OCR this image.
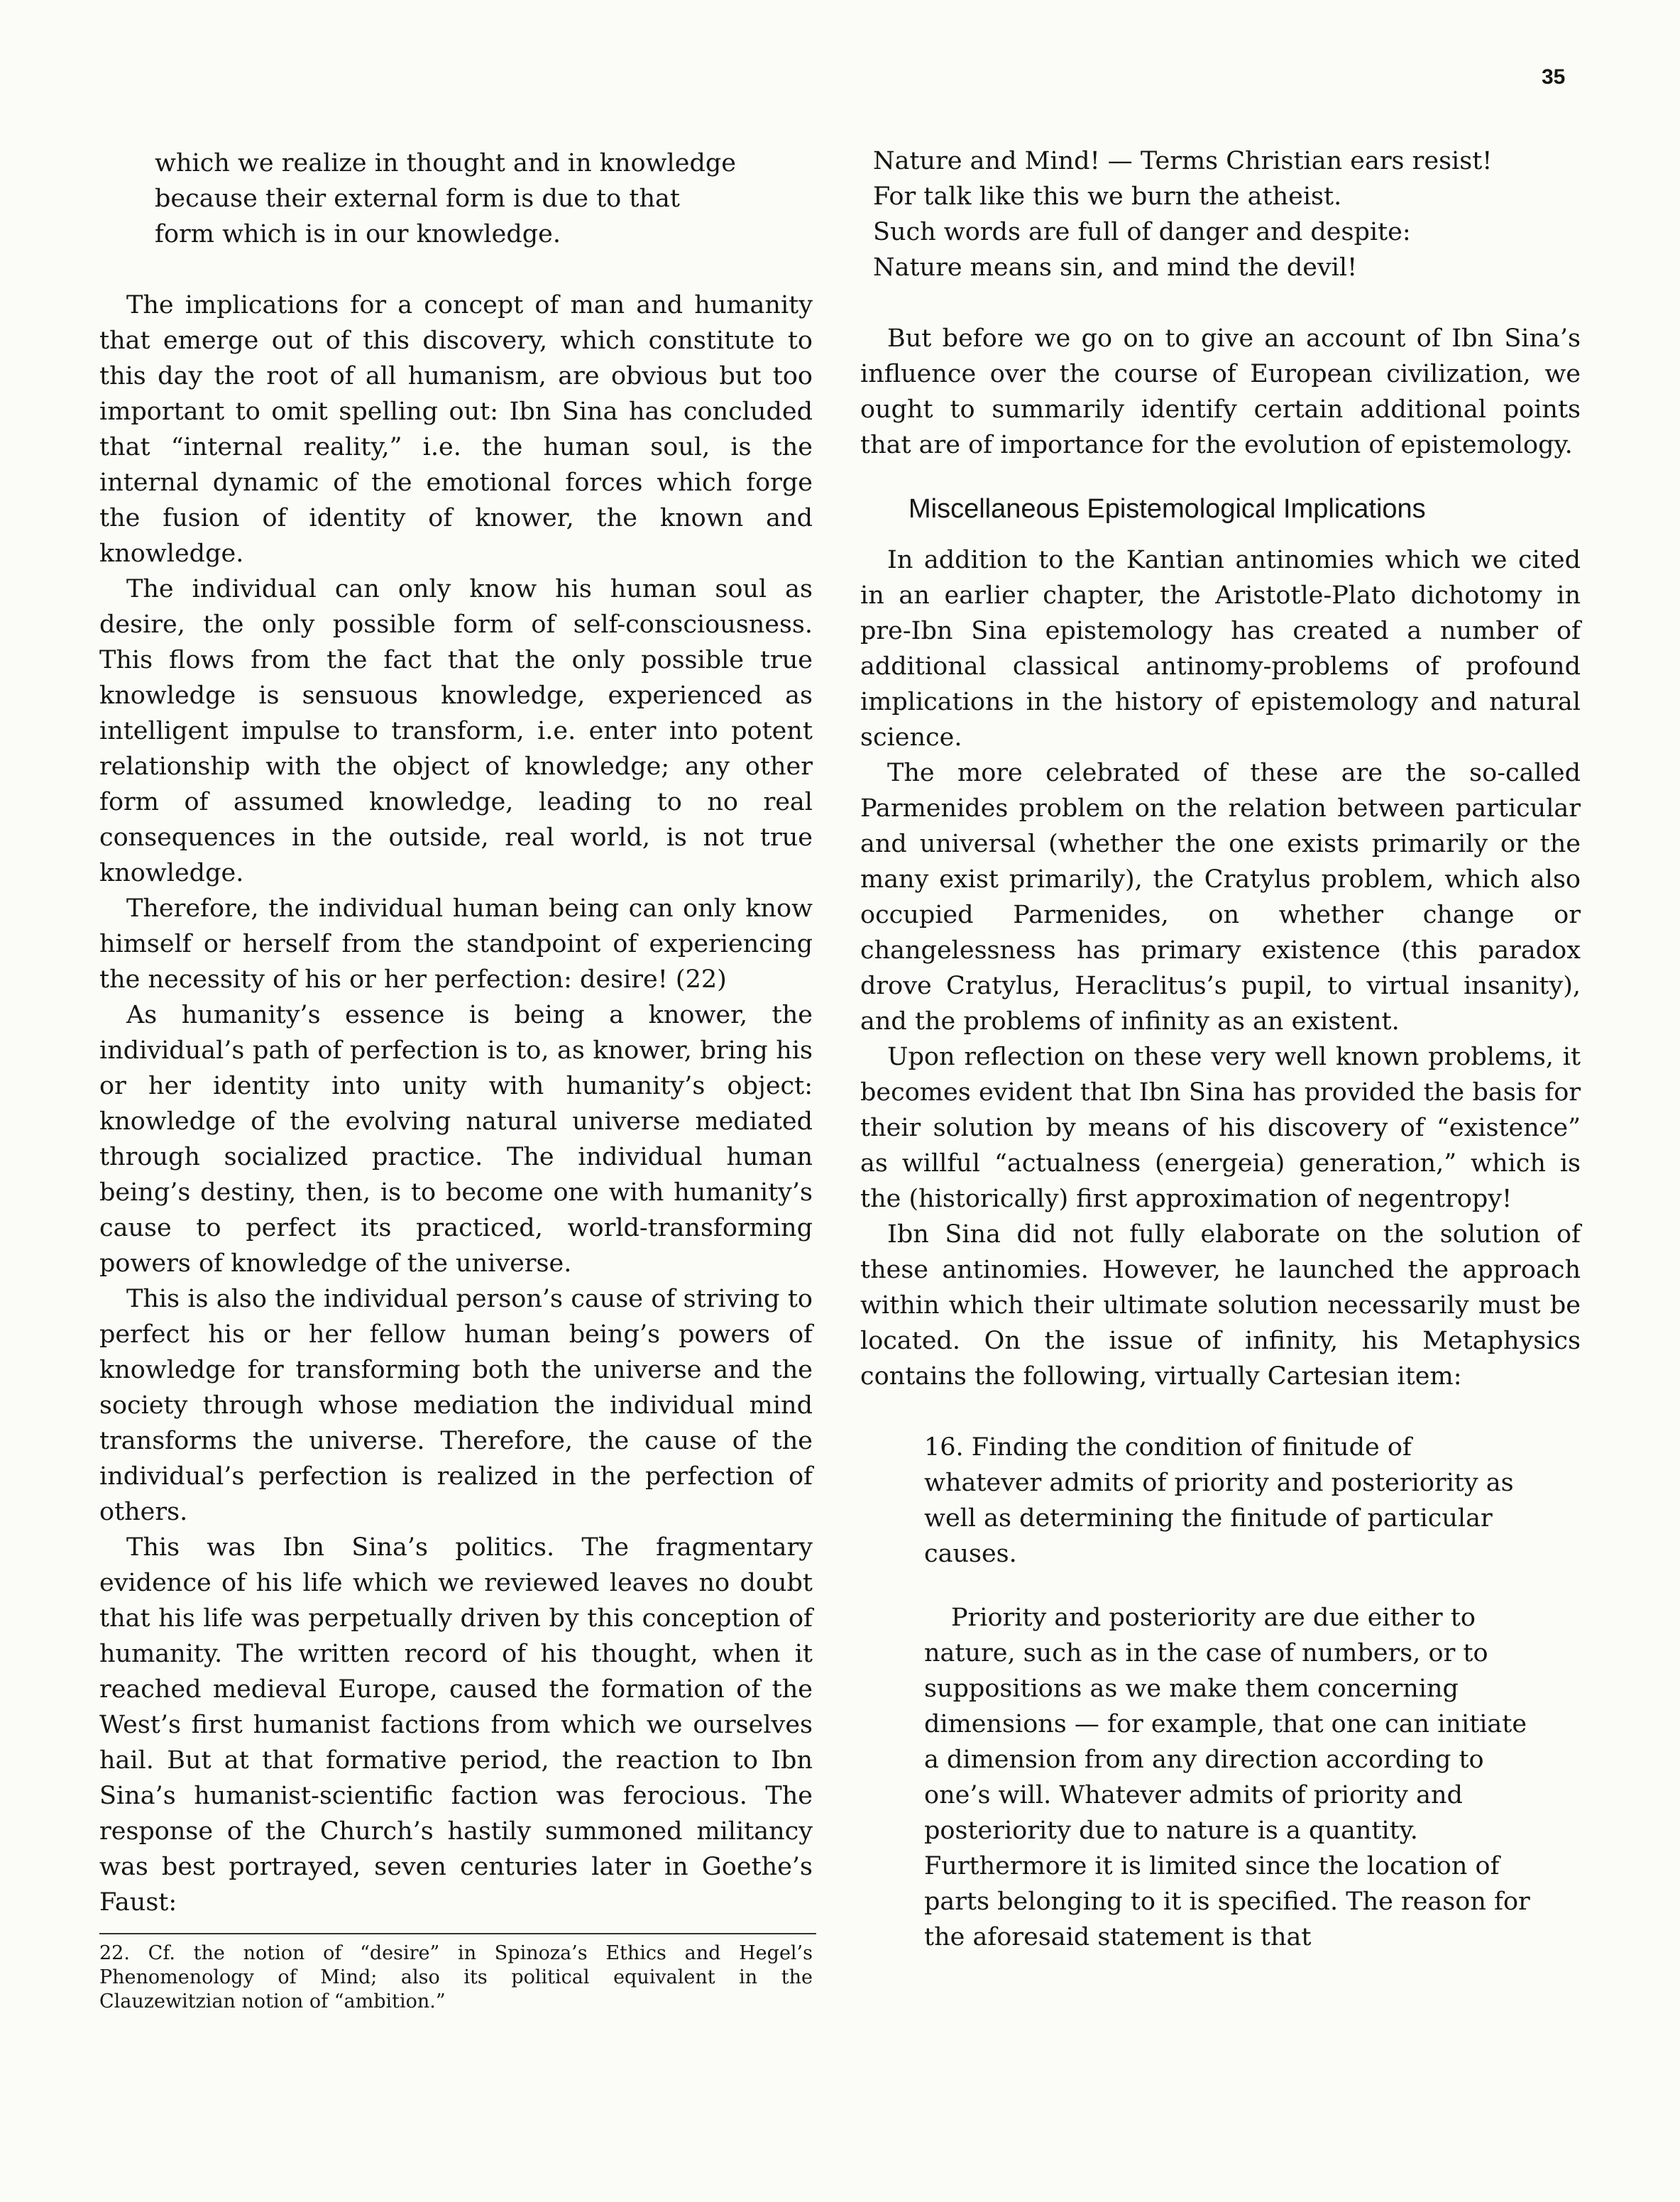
35

which we realize in thought and in knowledge

because their external form is due to that

form which is in our knowledge.

The implications for a concept of man and humanity that emerge out of this discovery, which constitute to this day the root of all humanism, are obvious but too important to omit spelling out: Ibn Sina has concluded that “internal reality,” i.e. the human soul, is the internal dynamic of the emotional forces which forge the fusion of identity of knower, the known and knowledge.

The individual can only know his human soul as desire, the only possible form of self-consciousness. This flows from the fact that the only possible true knowledge is sensuous knowledge, experienced as intelligent impulse to transform, i.e. enter into potent relationship with the object of knowledge; any other form of assumed knowledge, leading to no real consequences in the outside, real world, is not true knowledge.

Therefore, the individual human being can only know himself or herself from the standpoint of experiencing the necessity of his or her perfection: desire! (22)

As humanity’s essence is being a knower, the individual’s path of perfection is to, as knower, bring his or her identity into unity with humanity’s object: knowledge of the evolving natural universe mediated through socialized practice. The individual human being’s destiny, then, is to become one with humanity’s cause to perfect its practiced, world-transforming powers of knowledge of the universe.

This is also the individual person’s cause of striving to perfect his or her fellow human being’s powers of knowledge for transforming both the universe and the society through whose mediation the individual mind transforms the universe. Therefore, the cause of the individual’s perfection is realized in the perfection of others.

This was Ibn Sina’s politics. The fragmentary evidence of his life which we reviewed leaves no doubt that his life was perpetually driven by this conception of humanity. The written record of his thought, when it reached medieval Europe, caused the formation of the West’s first humanist factions from which we ourselves hail. But at that formative period, the reaction to Ibn Sina’s humanist-scientific faction was ferocious. The response of the Church’s hastily summoned militancy was best portrayed, seven centuries later in Goethe’s Faust:

22. Cf. the notion of “desire” in Spinoza’s Ethics and Hegel’s Phenomenology of Mind; also its political equivalent in the Clauzewitzian notion of “ambition.”

Nature and Mind! — Terms Christian ears resist!

For talk like this we burn the atheist.

Such words are full of danger and despite:

Nature means sin, and mind the devil!

But before we go on to give an account of Ibn Sina’s influence over the course of European civilization, we ought to summarily identify certain additional points that are of importance for the evolution of epistemology.

Miscellaneous Epistemological Implications

In addition to the Kantian antinomies which we cited in an earlier chapter, the Aristotle-Plato dichotomy in pre-Ibn Sina epistemology has created a number of additional classical antinomy-problems of profound implications in the history of epistemology and natural science.

The more celebrated of these are the so-called Parmenides problem on the relation between particular and universal (whether the one exists primarily or the many exist primarily), the Cratylus problem, which also occupied Parmenides, on whether change or changelessness has primary existence (this paradox drove Cratylus, Heraclitus’s pupil, to virtual insanity), and the problems of infinity as an existent.

Upon reflection on these very well known problems, it becomes evident that Ibn Sina has provided the basis for their solution by means of his discovery of “existence” as willful “actualness (energeia) generation,” which is the (historically) first approximation of negentropy!

Ibn Sina did not fully elaborate on the solution of these antinomies. However, he launched the approach within which their ultimate solution necessarily must be located. On the issue of infinity, his Metaphysics contains the following, virtually Cartesian item:

16. Finding the condition of finitude of whatever admits of priority and posteriority as well as determining the finitude of particular causes.

Priority and posteriority are due either to nature, such as in the case of numbers, or to suppositions as we make them concerning dimensions — for example, that one can initiate a dimension from any direction according to one’s will. Whatever admits of priority and posteriority due to nature is a quantity. Furthermore it is limited since the location of parts belonging to it is specified. The reason for the aforesaid statement is that
